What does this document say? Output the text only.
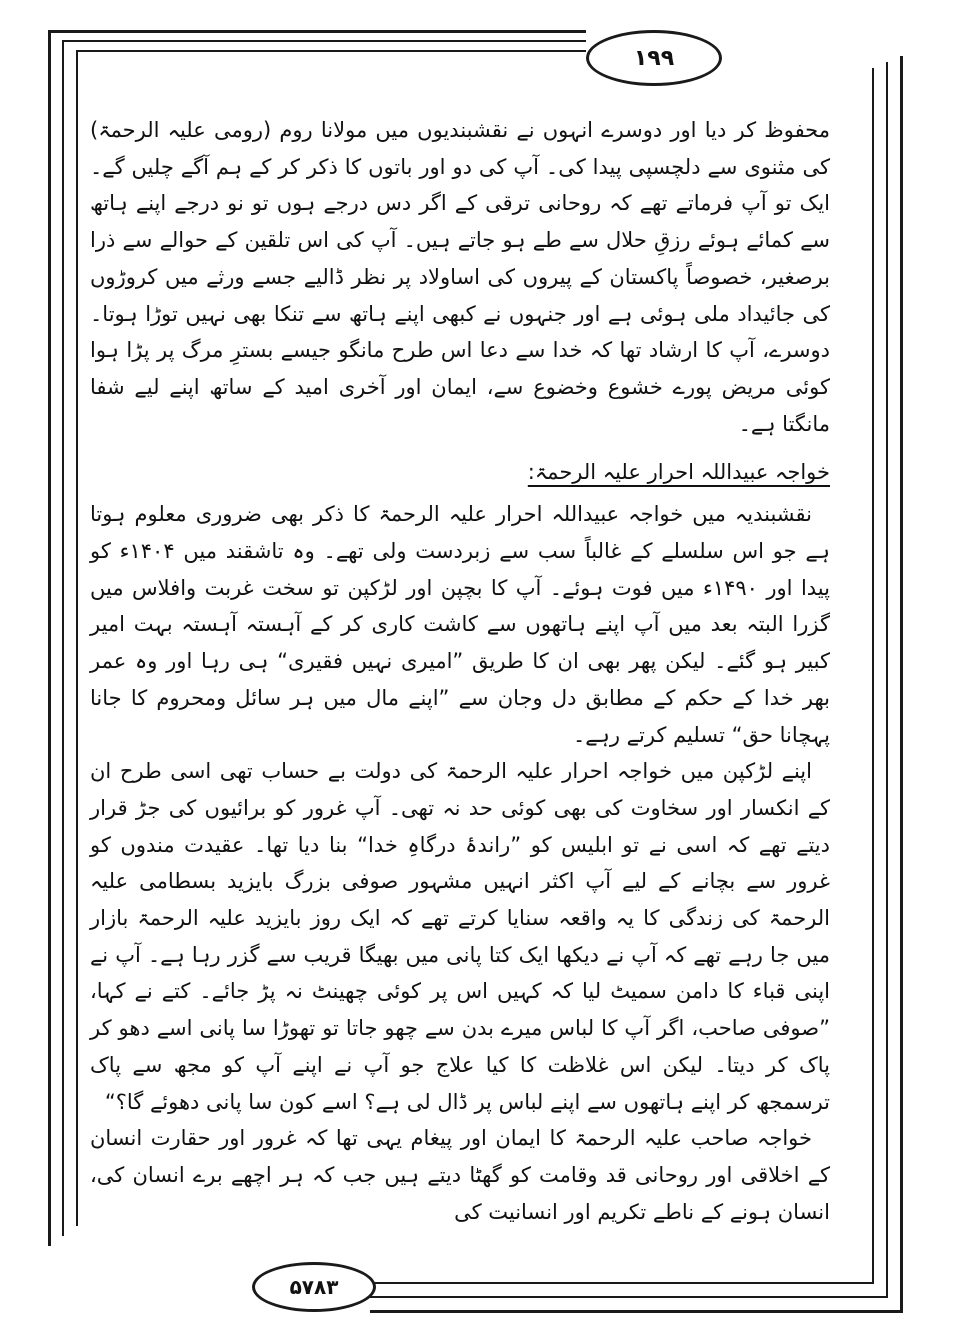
۱۹۹
۵۷۸۳

محفوظ کر دیا اور دوسرے انہوں نے نقشبندیوں میں مولانا روم (رومی علیہ الرحمۃ) کی مثنوی سے دلچسپی پیدا کی۔ آپ کی دو اور باتوں کا ذکر کر کے ہم آگے چلیں گے۔ ایک تو آپ فرماتے تھے کہ روحانی ترقی کے اگر دس درجے ہوں تو نو درجے اپنے ہاتھ سے کمائے ہوئے رزقِ حلال سے طے ہو جاتے ہیں۔ آپ کی اس تلقین کے حوالے سے ذرا برصغیر، خصوصاً پاکستان کے پیروں کی اساولاد پر نظر ڈالیے جسے ورثے میں کروڑوں کی جائیداد ملی ہوئی ہے اور جنہوں نے کبھی اپنے ہاتھ سے تنکا بھی نہیں توڑا ہوتا۔ دوسرے، آپ کا ارشاد تھا کہ خدا سے دعا اس طرح مانگو جیسے بسترِ مرگ پر پڑا ہوا کوئی مریض پورے خشوع وخضوع سے، ایمان اور آخری امید کے ساتھ اپنے لیے شفا مانگتا ہے۔

خواجہ عبیداللہ احرار علیہ الرحمۃ:

نقشبندیہ میں خواجہ عبیداللہ احرار علیہ الرحمۃ کا ذکر بھی ضروری معلوم ہوتا ہے جو اس سلسلے کے غالباً سب سے زبردست ولی تھے۔ وہ تاشقند میں ۱۴۰۴ء کو پیدا اور ۱۴۹۰ء میں فوت ہوئے۔ آپ کا بچپن اور لڑکپن تو سخت غربت وافلاس میں گزرا البتہ بعد میں آپ اپنے ہاتھوں سے کاشت کاری کر کے آہستہ آہستہ بہت امیر کبیر ہو گئے۔ لیکن پھر بھی ان کا طریق ”امیری نہیں فقیری“ ہی رہا اور وہ عمر بھر خدا کے حکم کے مطابق دل وجان سے ”اپنے مال میں ہر سائل ومحروم کا جانا پہچانا حق“ تسلیم کرتے رہے۔

اپنے لڑکپن میں خواجہ احرار علیہ الرحمۃ کی دولت بے حساب تھی اسی طرح ان کے انکسار اور سخاوت کی بھی کوئی حد نہ تھی۔ آپ غرور کو برائیوں کی جڑ قرار دیتے تھے کہ اسی نے تو ابلیس کو ”راندۂ درگاہِ خدا“ بنا دیا تھا۔ عقیدت مندوں کو غرور سے بچانے کے لیے آپ اکثر انہیں مشہور صوفی بزرگ بایزید بسطامی علیہ الرحمۃ کی زندگی کا یہ واقعہ سنایا کرتے تھے کہ ایک روز بایزید علیہ الرحمۃ بازار میں جا رہے تھے کہ آپ نے دیکھا ایک کتا پانی میں بھیگا قریب سے گزر رہا ہے۔ آپ نے اپنی قباء کا دامن سمیٹ لیا کہ کہیں اس پر کوئی چھینٹ نہ پڑ جائے۔ کتے نے کہا، ”صوفی صاحب، اگر آپ کا لباس میرے بدن سے چھو جاتا تو تھوڑا سا پانی اسے دھو کر پاک کر دیتا۔ لیکن اس غلاظت کا کیا علاج جو آپ نے اپنے آپ کو مجھ سے پاک ترسمجھ کر اپنے ہاتھوں سے اپنے لباس پر ڈال لی ہے؟ اسے کون سا پانی دھوئے گا؟“

خواجہ صاحب علیہ الرحمۃ کا ایمان اور پیغام یہی تھا کہ غرور اور حقارت انسان کے اخلاقی اور روحانی قد وقامت کو گھٹا دیتے ہیں جب کہ ہر اچھے برے انسان کی، انسان ہونے کے ناطے تکریم اور انسانیت کی
